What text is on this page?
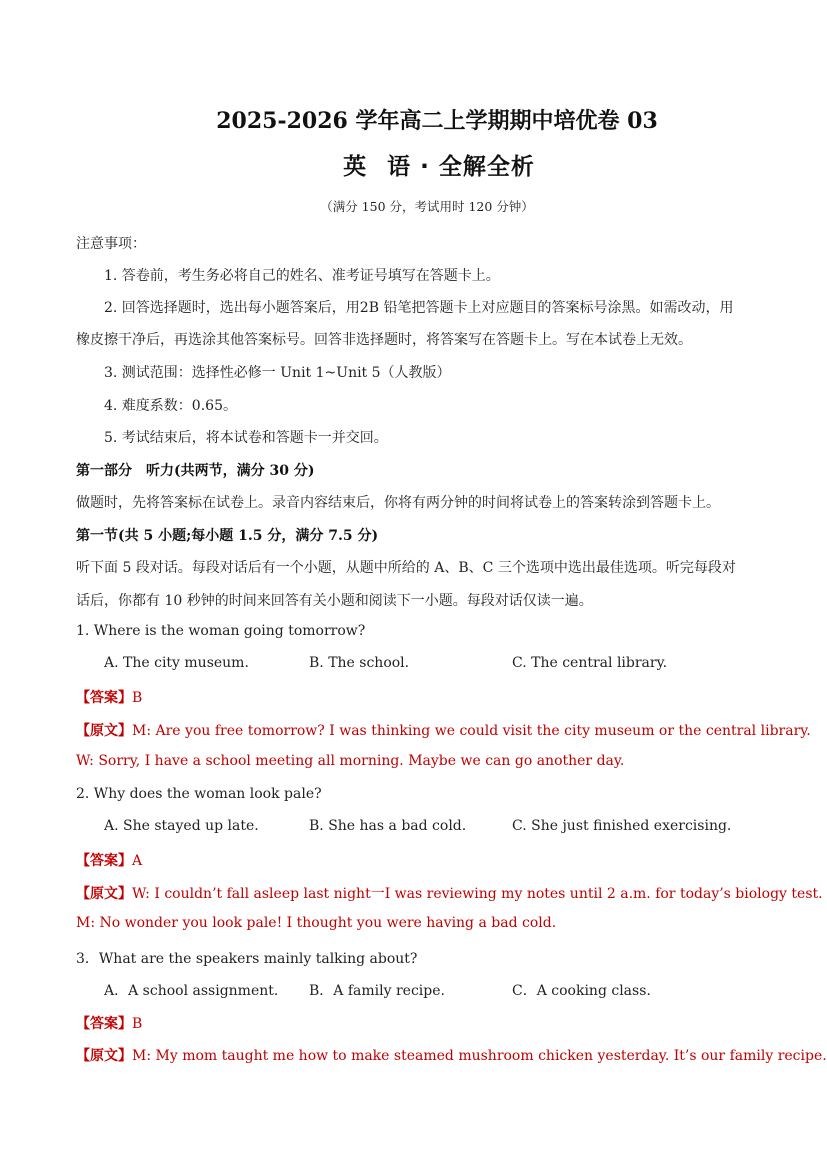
2025-2026 学年高二上学期期中培优卷 03
英 语 · 全解全析
（满分 150 分，考试用时 120 分钟）
注意事项：
1. 答卷前，考生务必将自己的姓名、准考证号填写在答题卡上。
2. 回答选择题时，选出每小题答案后，用2B 铅笔把答题卡上对应题目的答案标号涂黑。如需改动，用
橡皮擦干净后，再选涂其他答案标号。回答非选择题时，将答案写在答题卡上。写在本试卷上无效。
3. 测试范围：选择性必修一 Unit 1~Unit 5（人教版）
4. 难度系数：0.65。
5. 考试结束后，将本试卷和答题卡一并交回。
第一部分　听力(共两节，满分 30 分)
做题时，先将答案标在试卷上。录音内容结束后，你将有两分钟的时间将试卷上的答案转涂到答题卡上。
第一节(共 5 小题;每小题 1.5 分，满分 7.5 分)
听下面 5 段对话。每段对话后有一个小题，从题中所给的 A、B、C 三个选项中选出最佳选项。听完每段对
话后，你都有 10 秒钟的时间来回答有关小题和阅读下一小题。每段对话仅读一遍。
1. Where is the woman going tomorrow?
A. The city museum.	B. The school.	C. The central library.
【答案】B
【原文】M: Are you free tomorrow? I was thinking we could visit the city museum or the central library.
W: Sorry, I have a school meeting all morning. Maybe we can go another day.
2. Why does the woman look pale?
A. She stayed up late.	B. She has a bad cold.	C. She just finished exercising.
【答案】A
【原文】W: I couldn’t fall asleep last night一I was reviewing my notes until 2 a.m. for today’s biology test.
M: No wonder you look pale! I thought you were having a bad cold.
3．What are the speakers mainly talking about?
A．A school assignment. B．A family recipe.	C．A cooking class.
【答案】B
【原文】M: My mom taught me how to make steamed mushroom chicken yesterday. It’s our family recipe.
